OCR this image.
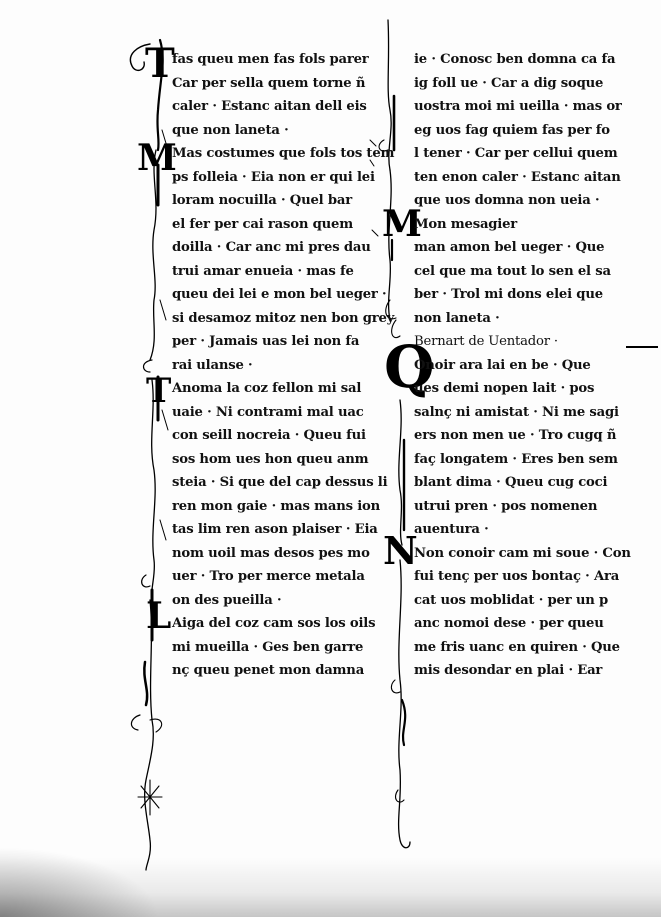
T
M
T
L
M
Q
N
fas queu men fas fols parer
Car per sella quem torne ñ
caler · Estanc aitan dell eis
que non laneta ·
Mas costumes que fols tos tem
ps folleia · Eia non er qui lei
loram nocuilla · Quel bar
el fer per cai rason quem
doilla · Car anc mi pres dau
trui amar enueia · mas fe
queu dei lei e mon bel ueger ·
si desamoz mitoz nen bon grey
per · Jamais uas lei non fa
rai ulanse ·
Anoma la coz fellon mi sal
uaie · Ni contrami mal uac
con seill nocreia · Queu fui
sos hom ues hon queu anm
steia · Si que del cap dessus li
ren mon gaie · mas mans ion
tas lim ren ason plaiser · Eia
nom uoil mas desos pes mo
uer · Tro per merce metala
on des pueilla ·
Aiga del coz cam sos los oils
mi mueilla · Ges ben garre
nç queu penet mon damna
ie · Conosc ben domna ca fa
ig foll ue · Car a dig soque
uostra moi mi ueilla · mas or
eg uos fag quiem fas per fo
l tener · Car per cellui quem
ten enon caler · Estanc aitan
que uos domna non ueia ·
Mon mesagier
man amon bel ueger · Que
cel que ma tout lo sen el sa
ber · Trol mi dons elei que
non laneta ·
Bernart de Uentador ·
Onoir ara lai en be · Que
ues demi nopen lait · pos
salnç ni amistat · Ni me sagi
ers non men ue · Tro cugq ñ
faç longatem · Eres ben sem
blant dima · Queu cug coci
utrui pren · pos nomenen
auentura ·
Non conoir cam mi soue · Con
fui tenç per uos bontaç · Ara
cat uos moblidat · per un p
anc nomoi dese · per queu
me fris uanc en quiren · Que
mis desondar en plai · Ear
